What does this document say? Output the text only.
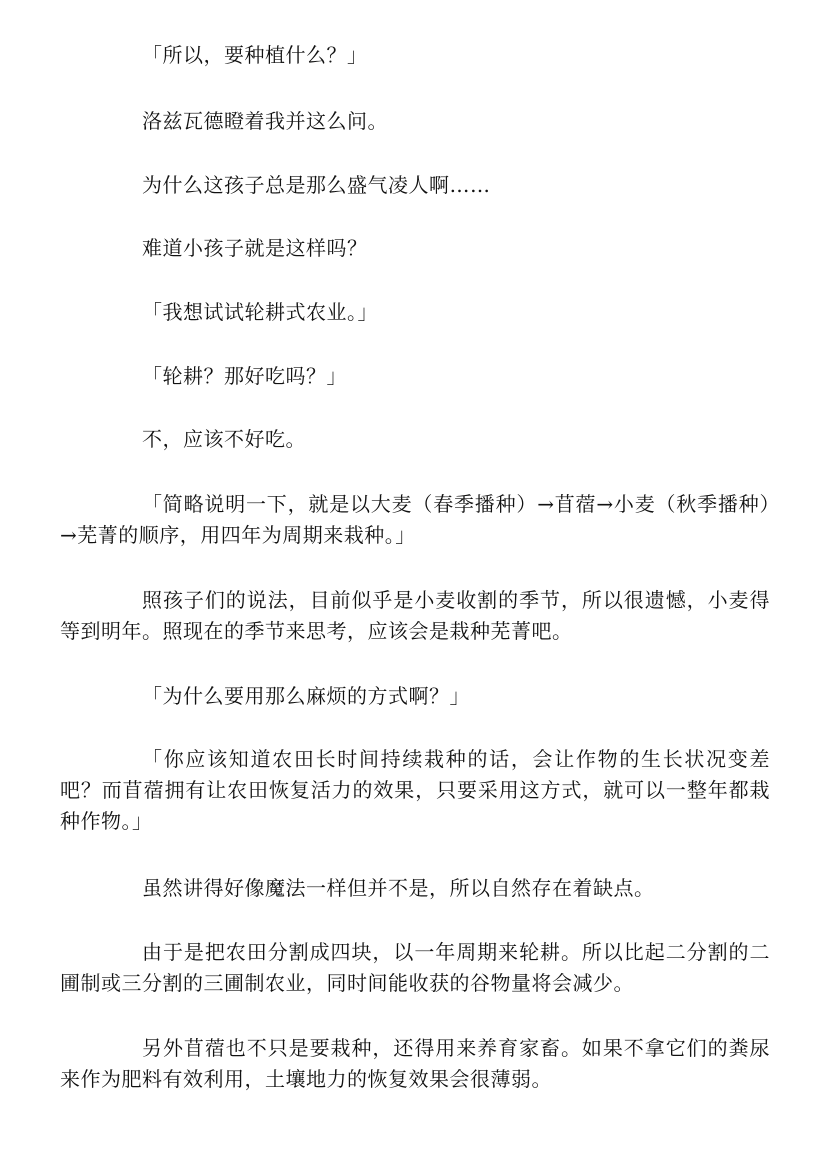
「所以，要种植什么？」

洛兹瓦德瞪着我并这么问。

为什么这孩子总是那么盛气凌人啊……

难道小孩子就是这样吗？

「我想试试轮耕式农业。」

「轮耕？那好吃吗？」

不，应该不好吃。

「简略说明一下，就是以大麦（春季播种）→苜蓿→小麦（秋季播种）→芜菁的顺序，用四年为周期来栽种。」

照孩子们的说法，目前似乎是小麦收割的季节，所以很遗憾，小麦得等到明年。照现在的季节来思考，应该会是栽种芜菁吧。

「为什么要用那么麻烦的方式啊？」

「你应该知道农田长时间持续栽种的话，会让作物的生长状况变差吧？而苜蓿拥有让农田恢复活力的效果，只要采用这方式，就可以一整年都栽种作物。」

虽然讲得好像魔法一样但并不是，所以自然存在着缺点。

由于是把农田分割成四块，以一年周期来轮耕。所以比起二分割的二圃制或三分割的三圃制农业，同时间能收获的谷物量将会减少。

另外苜蓿也不只是要栽种，还得用来养育家畜。如果不拿它们的粪尿来作为肥料有效利用，土壤地力的恢复效果会很薄弱。
